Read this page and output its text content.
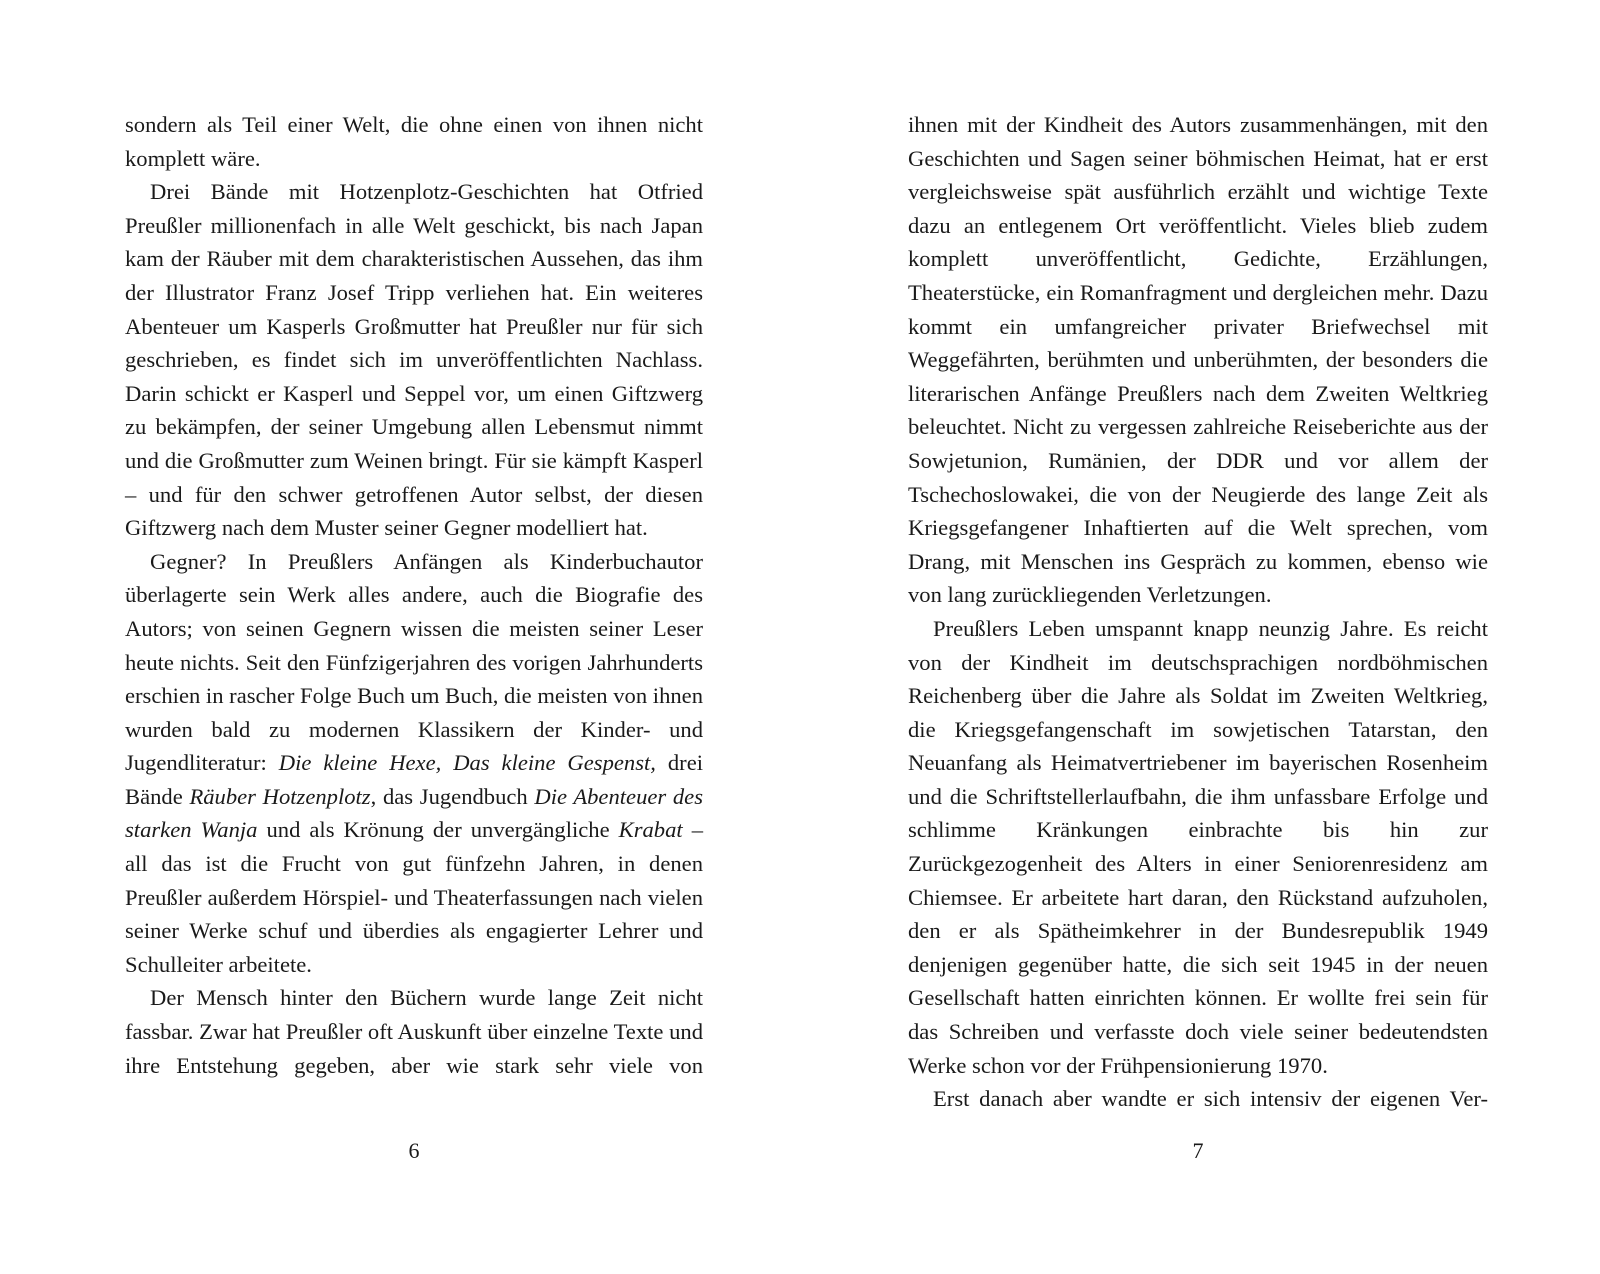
sondern als Teil einer Welt, die ohne einen von ihnen nicht komplett wäre.

Drei Bände mit Hotzenplotz-Geschichten hat Otfried Preußler millionenfach in alle Welt geschickt, bis nach Japan kam der Räuber mit dem charakteristischen Aussehen, das ihm der Illustrator Franz Josef Tripp verliehen hat. Ein weiteres Abenteuer um Kasperls Großmutter hat Preußler nur für sich geschrieben, es findet sich im unveröffentlichten Nachlass. Darin schickt er Kasperl und Seppel vor, um einen Giftzwerg zu bekämpfen, der seiner Umgebung allen Lebensmut nimmt und die Großmutter zum Weinen bringt. Für sie kämpft Kasperl – und für den schwer getroffenen Autor selbst, der diesen Giftzwerg nach dem Muster seiner Gegner modelliert hat.

Gegner? In Preußlers Anfängen als Kinderbuchautor überlagerte sein Werk alles andere, auch die Biografie des Autors; von seinen Gegnern wissen die meisten seiner Leser heute nichts. Seit den Fünfzigerjahren des vorigen Jahrhunderts erschien in rascher Folge Buch um Buch, die meisten von ihnen wurden bald zu modernen Klassikern der Kinder- und Jugendliteratur: Die kleine Hexe, Das kleine Gespenst, drei Bände Räuber Hotzenplotz, das Jugendbuch Die Abenteuer des starken Wanja und als Krönung der unvergängliche Krabat – all das ist die Frucht von gut fünfzehn Jahren, in denen Preußler außerdem Hörspiel- und Theaterfassungen nach vielen seiner Werke schuf und überdies als engagierter Lehrer und Schulleiter arbeitete.

Der Mensch hinter den Büchern wurde lange Zeit nicht fassbar. Zwar hat Preußler oft Auskunft über einzelne Texte und ihre Entstehung gegeben, aber wie stark sehr viele von

6

ihnen mit der Kindheit des Autors zusammenhängen, mit den Geschichten und Sagen seiner böhmischen Heimat, hat er erst vergleichsweise spät ausführlich erzählt und wichtige Texte dazu an entlegenem Ort veröffentlicht. Vieles blieb zudem komplett unveröffentlicht, Gedichte, Erzählungen, Theaterstücke, ein Romanfragment und dergleichen mehr. Dazu kommt ein umfangreicher privater Briefwechsel mit Weggefährten, berühmten und unberühmten, der besonders die literarischen Anfänge Preußlers nach dem Zweiten Weltkrieg beleuchtet. Nicht zu vergessen zahlreiche Reiseberichte aus der Sowjetunion, Rumänien, der DDR und vor allem der Tschechoslowakei, die von der Neugierde des lange Zeit als Kriegsgefangener Inhaftierten auf die Welt sprechen, vom Drang, mit Menschen ins Gespräch zu kommen, ebenso wie von lang zurückliegenden Verletzungen.

Preußlers Leben umspannt knapp neunzig Jahre. Es reicht von der Kindheit im deutschsprachigen nordböhmischen Reichenberg über die Jahre als Soldat im Zweiten Weltkrieg, die Kriegsgefangenschaft im sowjetischen Tatarstan, den Neuanfang als Heimatvertriebener im bayerischen Rosenheim und die Schriftstellerlaufbahn, die ihm unfassbare Erfolge und schlimme Kränkungen einbrachte bis hin zur Zurückgezogenheit des Alters in einer Seniorenresidenz am Chiemsee. Er arbeitete hart daran, den Rückstand aufzuholen, den er als Spätheimkehrer in der Bundesrepublik 1949 denjenigen gegenüber hatte, die sich seit 1945 in der neuen Gesellschaft hatten einrichten können. Er wollte frei sein für das Schreiben und verfasste doch viele seiner bedeutendsten Werke schon vor der Frühpensionierung 1970.

Erst danach aber wandte er sich intensiv der eigenen Ver-

7
